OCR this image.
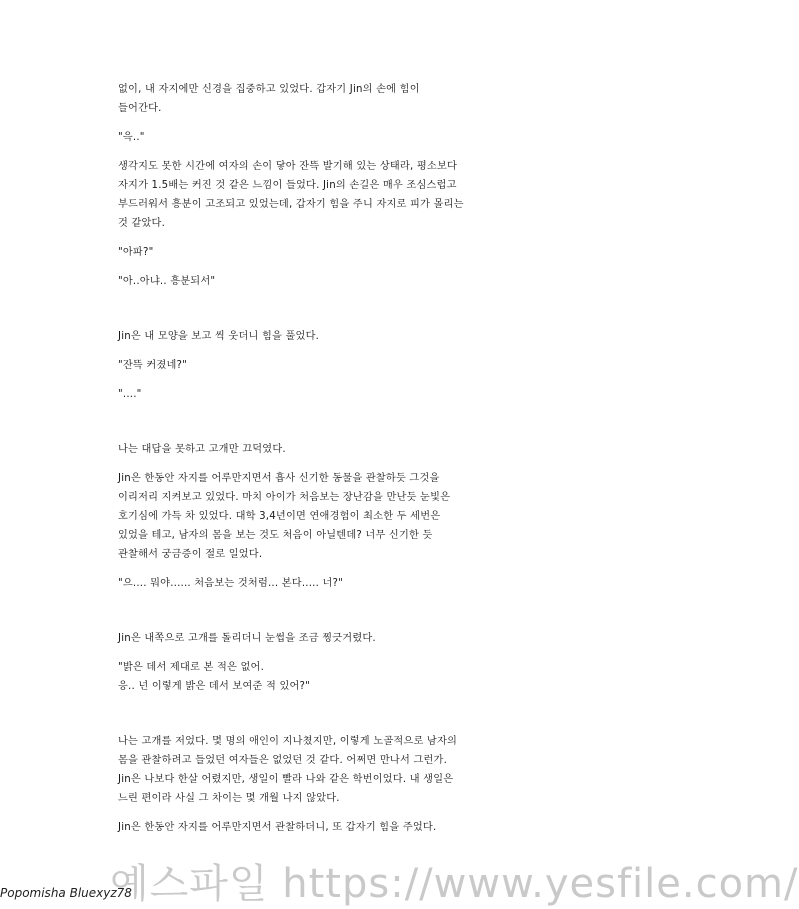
없이, 내 자지에만 신경을 집중하고 있었다. 갑자기 Jin의 손에 힘이
들어간다.

"윽.."

생각지도 못한 시간에 여자의 손이 닿아 잔뜩 발기해 있는 상태라, 평소보다
자지가 1.5배는 커진 것 같은 느낌이 들었다. Jin의 손길은 매우 조심스럽고
부드러워서 흥분이 고조되고 있었는데, 갑자기 힘을 주니 자지로 피가 몰리는
것 같았다.

"아파?"

"아..아냐.. 흥분되서"

Jin은 내 모양을 보고 씩 웃더니 힘을 풀었다.

"잔뜩 커졌네?"

"...."

나는 대답을 못하고 고개만 끄덕였다.

Jin은 한동안 자지를 어루만지면서 흡사 신기한 동물을 관찰하듯 그것을
이리저리 지켜보고 있었다. 마치 아이가 처음보는 장난감을 만난듯 눈빛은
호기심에 가득 차 있었다. 대학 3,4년이면 연애경험이 최소한 두 세번은
있었을 테고, 남자의 몸을 보는 것도 처음이 아닐텐데? 너무 신기한 듯
관찰해서 궁금증이 절로 일었다.

"으.... 뭐야...... 처음보는 것처럼... 본다..... 너?"

Jin은 내쪽으로 고개를 돌리더니 눈썹을 조금 찡긋거렸다.

"밝은 데서 제대로 본 적은 없어.
응.. 넌 이렇게 밝은 데서 보여준 적 있어?"

나는 고개를 저었다. 몇 명의 애인이 지나쳤지만, 이렇게 노골적으로 남자의
몸을 관찰하려고 들었던 여자들은 없었던 것 같다. 어쩌면 만나서 그런가.
Jin은 나보다 한살 어렸지만, 생일이 빨라 나와 같은 학번이었다. 내 생일은
느린 편이라 사실 그 차이는 몇 개월 나지 않았다.

Jin은 한동안 자지를 어루만지면서 관찰하더니, 또 갑자기 힘을 주었다.

예스파일 https://www.yesfile.com/
Popomisha Bluexyz78
